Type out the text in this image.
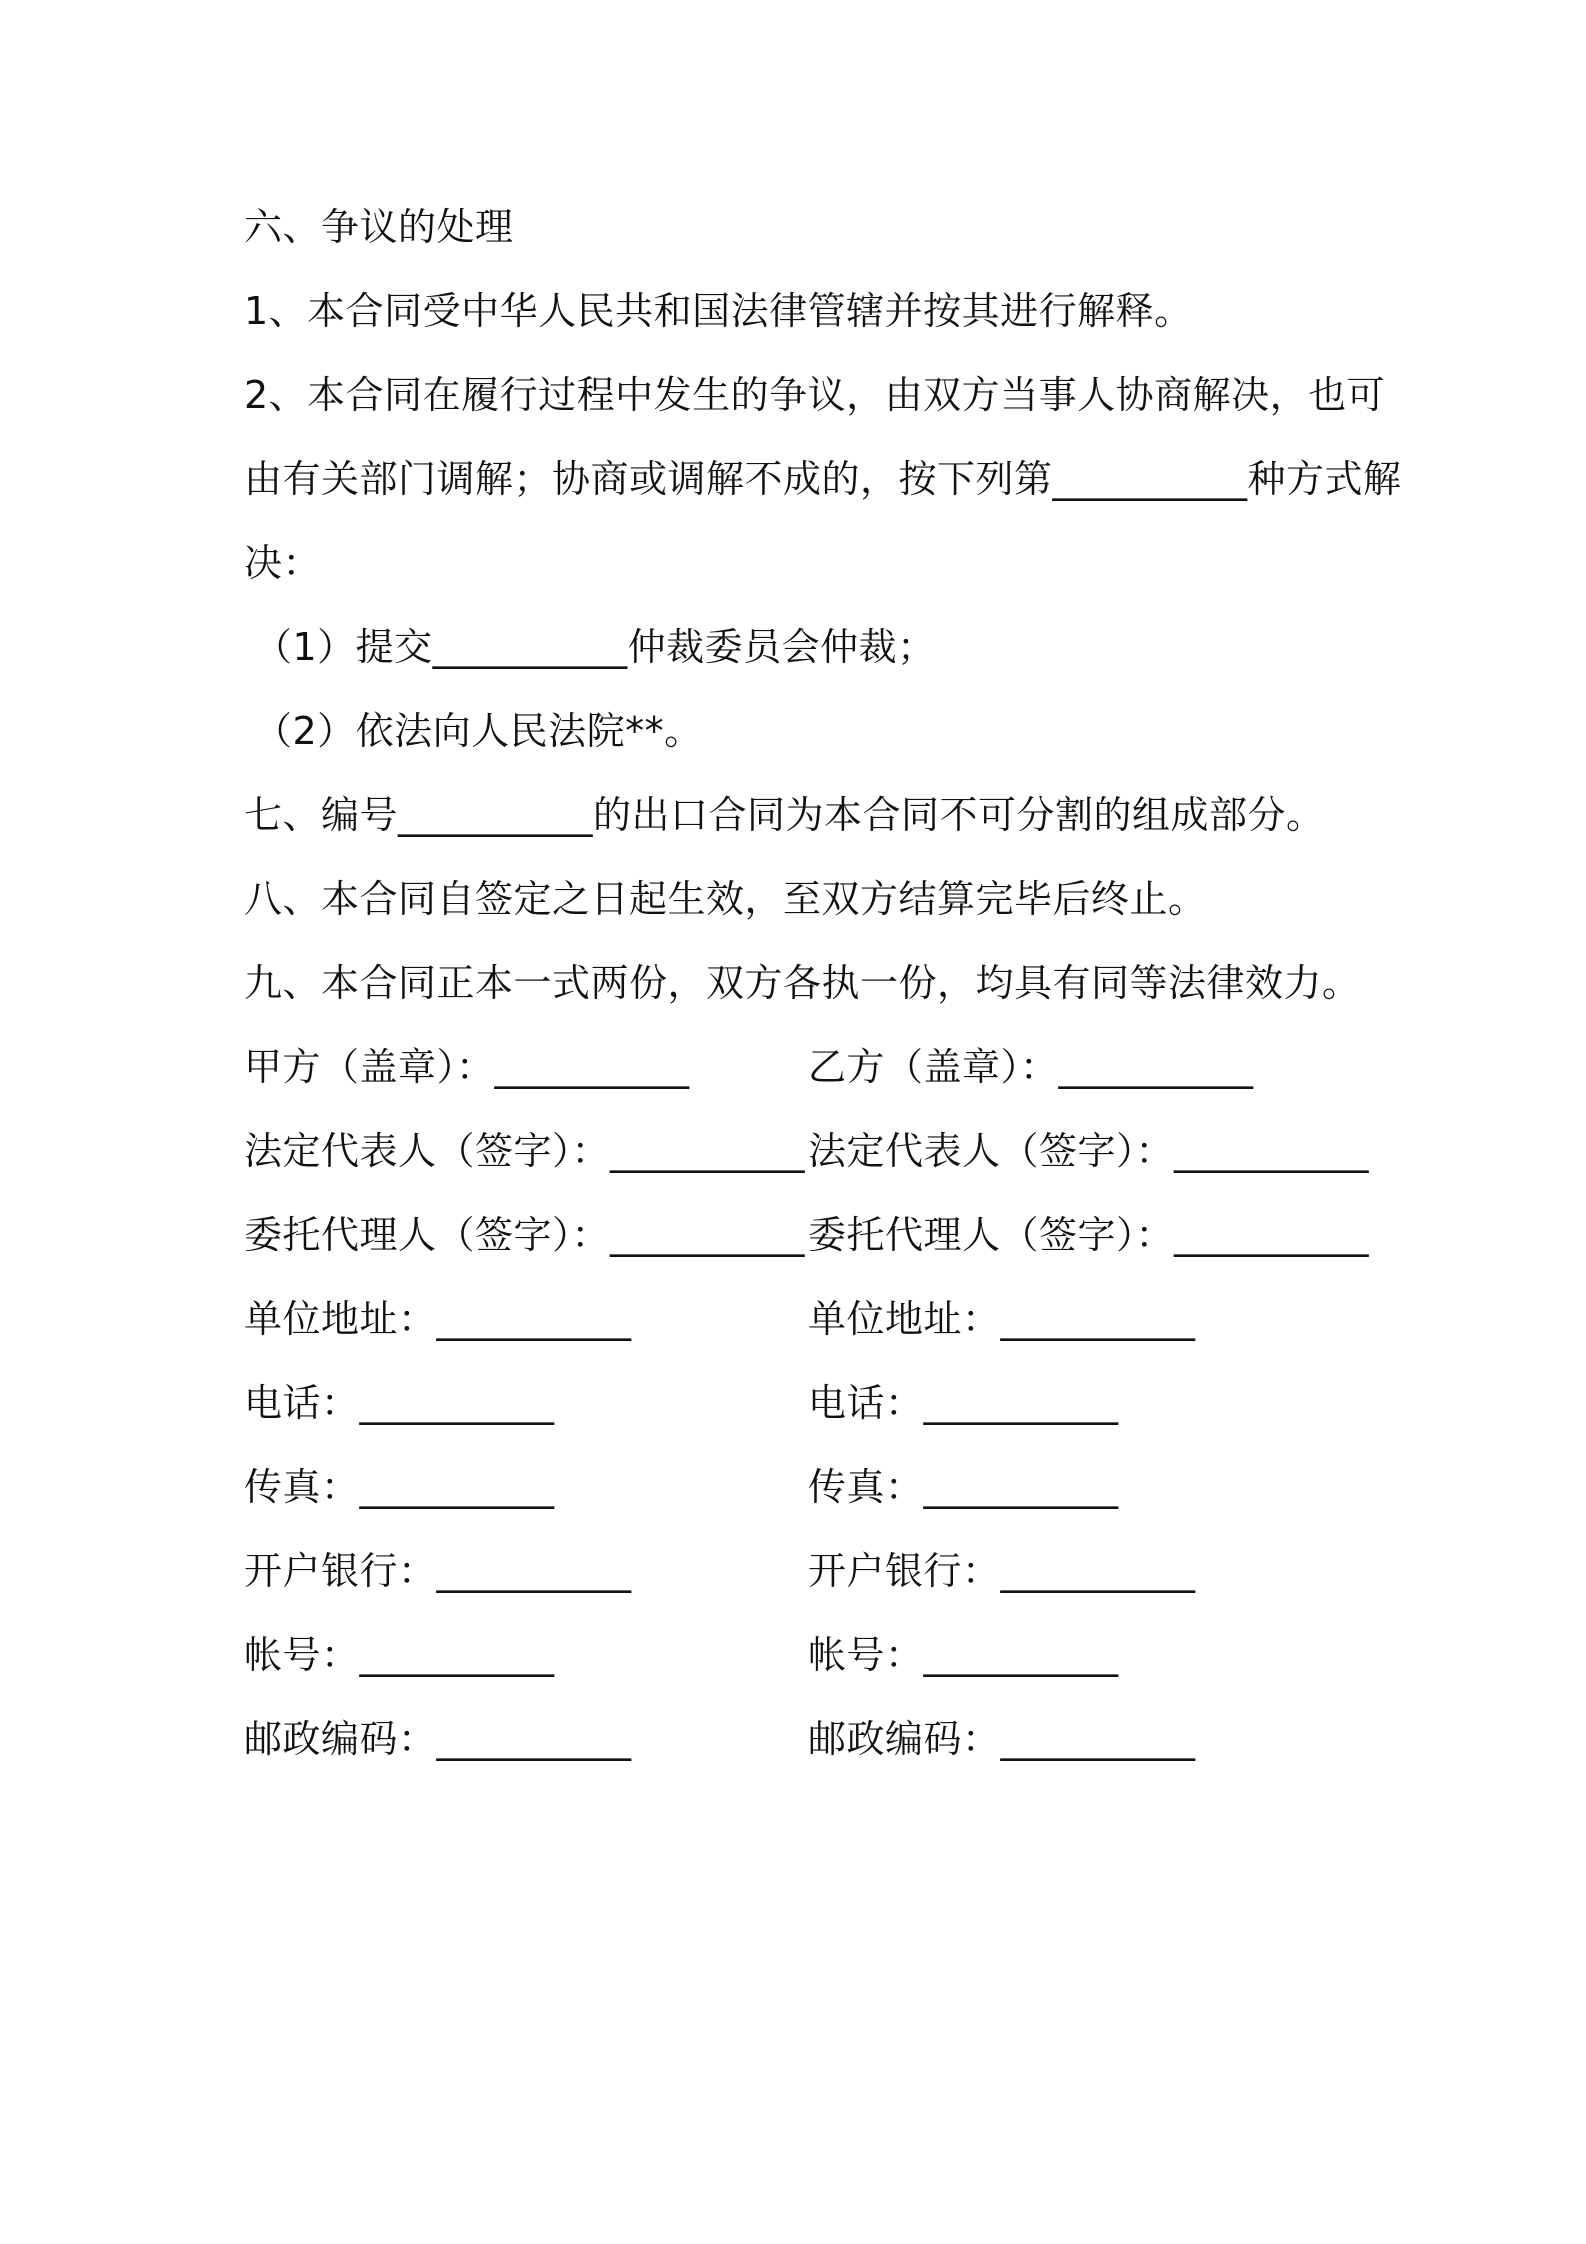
六、争议的处理
1、本合同受中华人民共和国法律管辖并按其进行解释。
2、本合同在履行过程中发生的争议，由双方当事人协商解决，也可
由有关部门调解；协商或调解不成的，按下列第__________种方式解
决：
（1）提交__________仲裁委员会仲裁；
（2）依法向人民法院**。
七、编号__________的出口合同为本合同不可分割的组成部分。
八、本合同自签定之日起生效，至双方结算完毕后终止。
九、本合同正本一式两份，双方各执一份，均具有同等法律效力。
甲方（盖章）：__________
法定代表人（签字）：__________
委托代理人（签字）：__________
单位地址：__________
电话：__________
传真：__________
开户银行：__________
帐号：__________
邮政编码：__________
乙方（盖章）：__________
法定代表人（签字）：__________
委托代理人（签字）：__________
单位地址：__________
电话：__________
传真：__________
开户银行：__________
帐号：__________
邮政编码：__________
